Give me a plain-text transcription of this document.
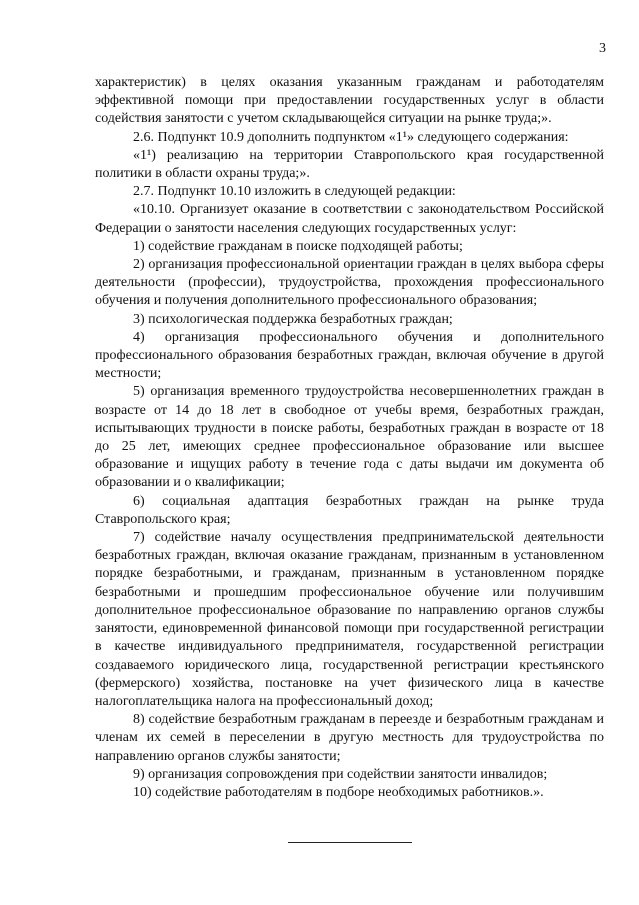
3

характеристик) в целях оказания указанным гражданам и работодателям эффективной помощи при предоставлении государственных услуг в области содействия занятости с учетом складывающейся ситуации на рынке труда;».

2.6. Подпункт 10.9 дополнить подпунктом «1¹» следующего содержания:

«1¹) реализацию на территории Ставропольского края государственной политики в области охраны труда;».

2.7. Подпункт 10.10 изложить в следующей редакции:

«10.10. Организует оказание в соответствии с законодательством Российской Федерации о занятости населения следующих государственных услуг:

1) содействие гражданам в поиске подходящей работы;

2) организация профессиональной ориентации граждан в целях выбора сферы деятельности (профессии), трудоустройства, прохождения профессионального обучения и получения дополнительного профессионального образования;

3) психологическая поддержка безработных граждан;

4) организация профессионального обучения и дополнительного профессионального образования безработных граждан, включая обучение в другой местности;

5) организация временного трудоустройства несовершеннолетних граждан в возрасте от 14 до 18 лет в свободное от учебы время, безработных граждан, испытывающих трудности в поиске работы, безработных граждан в возрасте от 18 до 25 лет, имеющих среднее профессиональное образование или высшее образование и ищущих работу в течение года с даты выдачи им документа об образовании и о квалификации;

6) социальная адаптация безработных граждан на рынке труда Ставропольского края;

7) содействие началу осуществления предпринимательской деятельности безработных граждан, включая оказание гражданам, признанным в установленном порядке безработными, и гражданам, признанным в установленном порядке безработными и прошедшим профессиональное обучение или получившим дополнительное профессиональное образование по направлению органов службы занятости, единовременной финансовой помощи при государственной регистрации в качестве индивидуального предпринимателя, государственной регистрации создаваемого юридического лица, государственной регистрации крестьянского (фермерского) хозяйства, постановке на учет физического лица в качестве налогоплательщика налога на профессиональный доход;

8) содействие безработным гражданам в переезде и безработным гражданам и членам их семей в переселении в другую местность для трудоустройства по направлению органов службы занятости;

9) организация сопровождения при содействии занятости инвалидов;

10) содействие работодателям в подборе необходимых работников.».
